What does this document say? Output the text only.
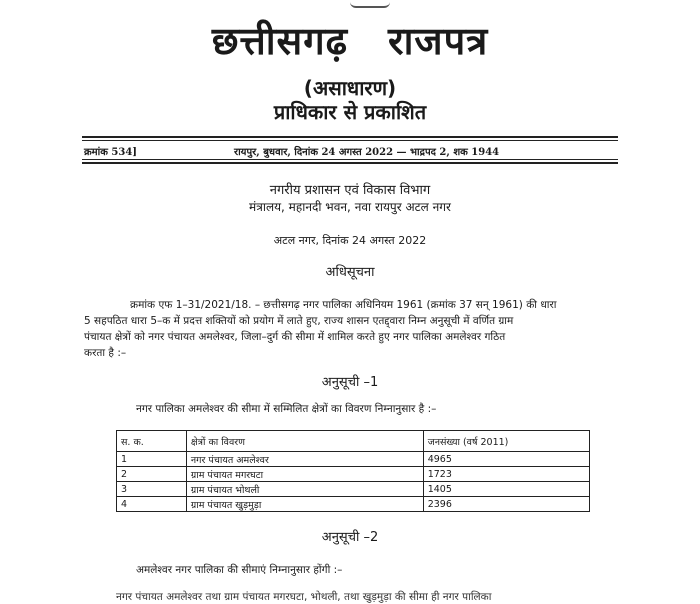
छत्तीसगढ़ राजपत्र
(असाधारण)
प्राधिकार से प्रकाशित
क्रमांक 534]	रायपुर, बुधवार, दिनांक 24 अगस्त 2022 — भाद्रपद 2, शक 1944
नगरीय प्रशासन एवं विकास विभाग
मंत्रालय, महानदी भवन, नवा रायपुर अटल नगर
अटल नगर, दिनांक 24 अगस्त 2022
अधिसूचना
क्रमांक एफ 1–31/2021/18. – छत्तीसगढ़ नगर पालिका अधिनियम 1961 (क्रमांक 37 सन् 1961) की धारा
5 सहपठित धारा 5–क में प्रदत्त शक्तियों को प्रयोग में लाते हुए, राज्य शासन एतद्द्वारा निम्न अनुसूची में वर्णित ग्राम
पंचायत क्षेत्रों को नगर पंचायत अमलेश्वर, जिला–दुर्ग की सीमा में शामिल करते हुए नगर पालिका अमलेश्वर गठित
करता है :–
अनुसूची –1
नगर पालिका अमलेश्वर की सीमा में सम्मिलित क्षेत्रों का विवरण निम्नानुसार है :–
स. क.	क्षेत्रों का विवरण	जनसंख्या (वर्ष 2011)
1	नगर पंचायत अमलेश्वर	4965
2	ग्राम पंचायत मगरघटा	1723
3	ग्राम पंचायत भोथली	1405
4	ग्राम पंचायत खुड़मुड़ा	2396
अनुसूची –2
अमलेश्वर नगर पालिका की सीमाएं निम्नानुसार होंगी :–
नगर पंचायत अमलेश्वर तथा ग्राम पंचायत मगरघटा, भोथली, तथा खुड़मुड़ा की सीमा ही नगर पालिका
